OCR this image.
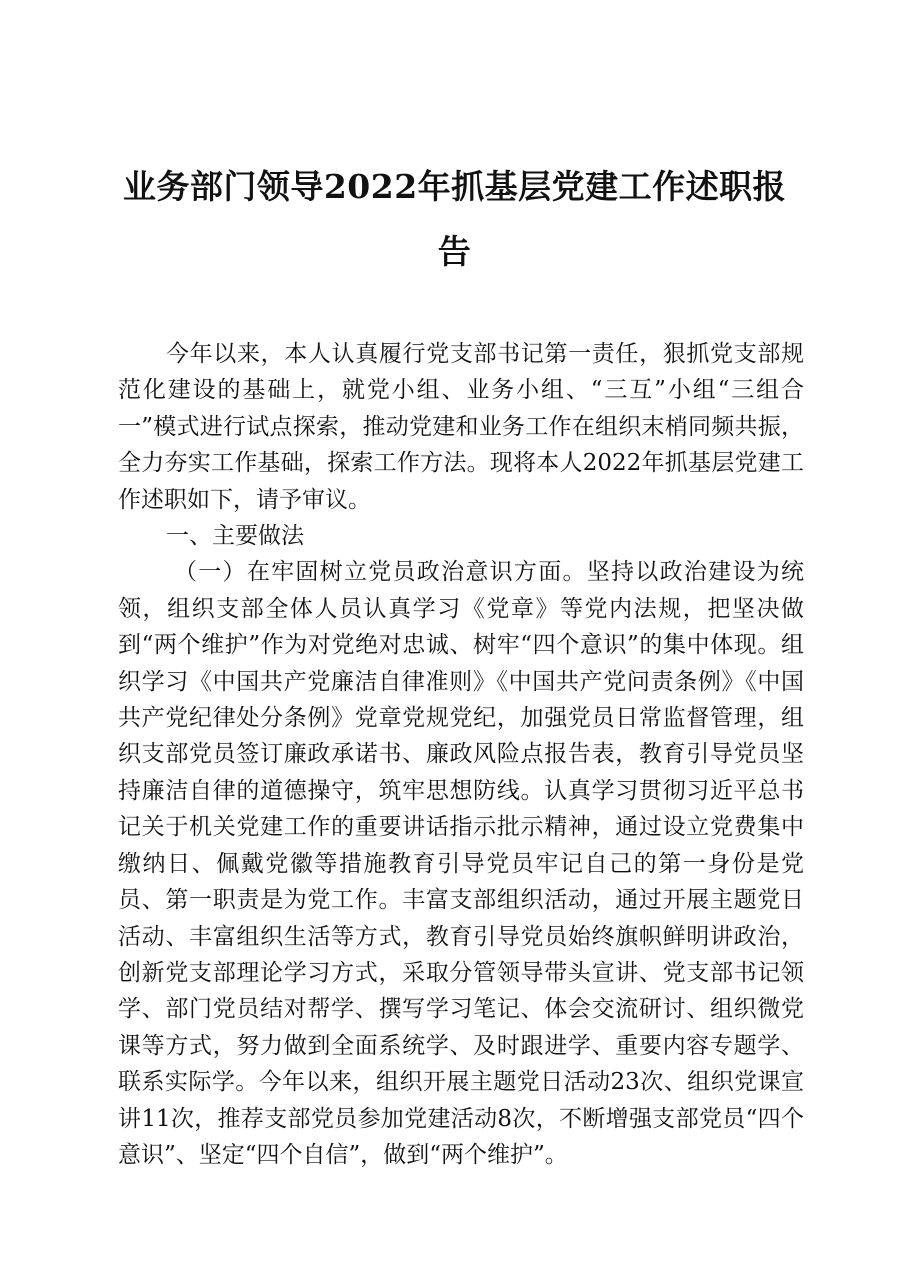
业务部门领导2022年抓基层党建工作述职报
告

今年以来，本人认真履行党支部书记第一责任，狠抓党支部规范化建设的基础上，就党小组、业务小组、“三互”小组“三组合一”模式进行试点探索，推动党建和业务工作在组织末梢同频共振，全力夯实工作基础，探索工作方法。现将本人2022年抓基层党建工作述职如下，请予审议。

一、主要做法

（一）在牢固树立党员政治意识方面。坚持以政治建设为统领，组织支部全体人员认真学习《党章》等党内法规，把坚决做到“两个维护”作为对党绝对忠诚、树牢“四个意识”的集中体现。组织学习《中国共产党廉洁自律准则》《中国共产党问责条例》《中国共产党纪律处分条例》党章党规党纪，加强党员日常监督管理，组织支部党员签订廉政承诺书、廉政风险点报告表，教育引导党员坚持廉洁自律的道德操守，筑牢思想防线。认真学习贯彻习近平总书记关于机关党建工作的重要讲话指示批示精神，通过设立党费集中缴纳日、佩戴党徽等措施教育引导党员牢记自己的第一身份是党员、第一职责是为党工作。丰富支部组织活动，通过开展主题党日活动、丰富组织生活等方式，教育引导党员始终旗帜鲜明讲政治，创新党支部理论学习方式，采取分管领导带头宣讲、党支部书记领学、部门党员结对帮学、撰写学习笔记、体会交流研讨、组织微党课等方式，努力做到全面系统学、及时跟进学、重要内容专题学、联系实际学。今年以来，组织开展主题党日活动23次、组织党课宣讲11次，推荐支部党员参加党建活动8次，不断增强支部党员“四个意识”、坚定“四个自信”，做到“两个维护”。
